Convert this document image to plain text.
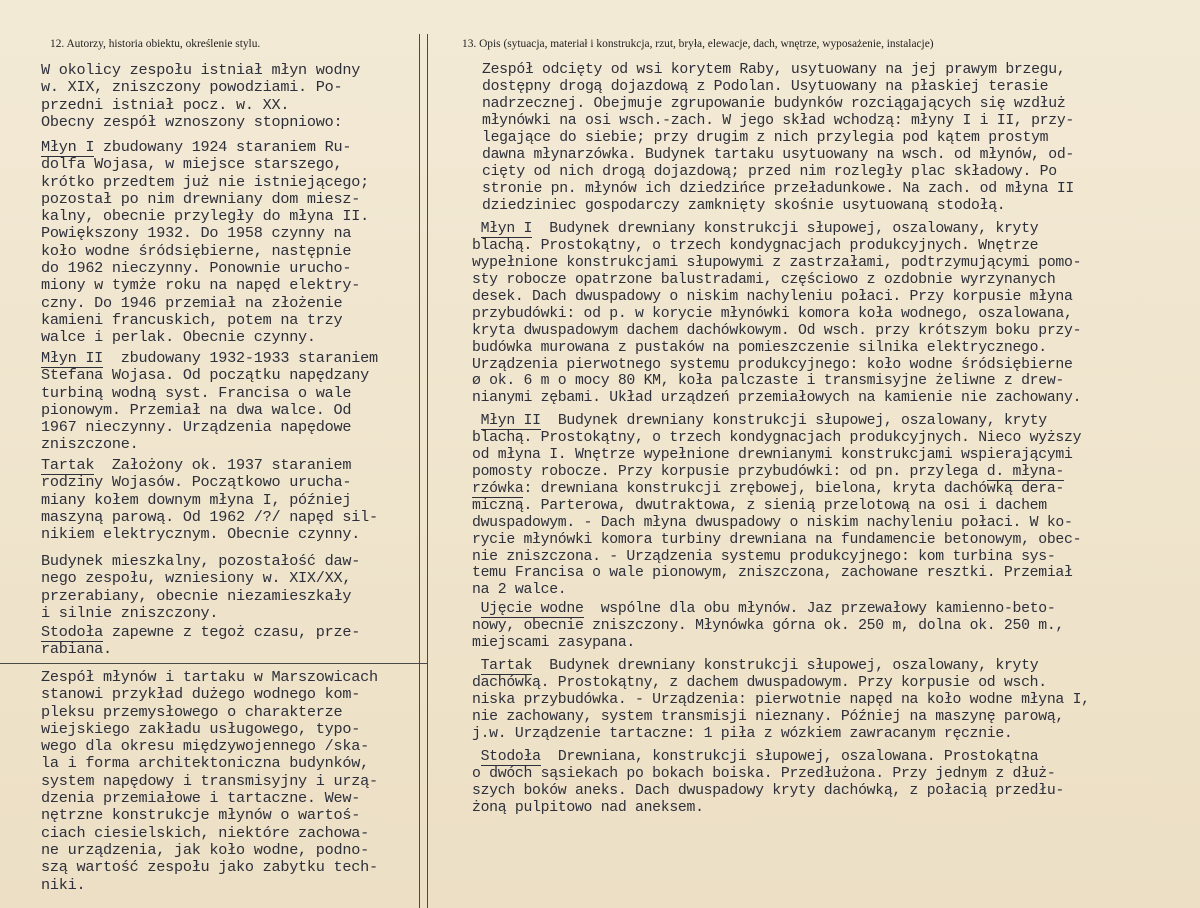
12. Autorzy, historia obiektu, określenie stylu.	13. Opis (sytuacja, materiał i konstrukcja, rzut, bryła, elewacje, dach, wnętrze, wyposażenie, instalacje)
W okolicy zespołu istniał młyn wodny
w. XIX, zniszczony powodziami. Po-
przedni istniał pocz. w. XX.
Obecny zespół wznoszony stopniowo:
Młyn I zbudowany 1924 staraniem Ru-
dolfa Wojasa, w miejsce starszego,
krótko przedtem już nie istniejącego;
pozostał po nim drewniany dom miesz-
kalny, obecnie przyległy do młyna II.
Powiększony 1932. Do 1958 czynny na
koło wodne śródsiębierne, następnie
do 1962 nieczynny. Ponownie urucho-
miony w tymże roku na napęd elektry-
czny. Do 1946 przemiał na złożenie
kamieni francuskich, potem na trzy
walce i perlak. Obecnie czynny.
Młyn II  zbudowany 1932-1933 staraniem
Stefana Wojasa. Od początku napędzany
turbiną wodną syst. Francisa o wale
pionowym. Przemiał na dwa walce. Od
1967 nieczynny. Urządzenia napędowe
zniszczone.
Tartak  Założony ok. 1937 staraniem
rodziny Wojasów. Początkowo urucha-
miany kołem downym młyna I, później
maszyną parową. Od 1962 /?/ napęd sil-
nikiem elektrycznym. Obecnie czynny.
Budynek mieszkalny, pozostałość daw-
nego zespołu, wzniesiony w. XIX/XX,
przerabiany, obecnie niezamieszkały
i silnie zniszczony.
Stodoła zapewne z tegoż czasu, prze-
rabiana.
Zespół młynów i tartaku w Marszowicach
stanowi przykład dużego wodnego kom-
pleksu przemysłowego o charakterze
wiejskiego zakładu usługowego, typo-
wego dla okresu międzywojennego /ska-
la i forma architektoniczna budynków,
system napędowy i transmisyjny i urzą-
dzenia przemiałowe i tartaczne. Wew-
nętrzne konstrukcje młynów o wartoś-
ciach ciesielskich, niektóre zachowa-
ne urządzenia, jak koło wodne, podno-
szą wartość zespołu jako zabytku tech-
niki.
Zespół odcięty od wsi korytem Raby, usytuowany na jej prawym brzegu,
dostępny drogą dojazdową z Podolan. Usytuowany na płaskiej terasie
nadrzecznej. Obejmuje zgrupowanie budynków rozciągających się wzdłuż
młynówki na osi wsch.-zach. W jego skład wchodzą: młyny I i II, przy-
legające do siebie; przy drugim z nich przylegia pod kątem prostym
dawna młynarzówka. Budynek tartaku usytuowany na wsch. od młynów, od-
cięty od nich drogą dojazdową; przed nim rozległy plac składowy. Po
stronie pn. młynów ich dziedzińce przeładunkowe. Na zach. od młyna II
dziedziniec gospodarczy zamknięty skośnie usytuowaną stodołą.
Młyn I  Budynek drewniany konstrukcji słupowej, oszalowany, kryty
blachą. Prostokątny, o trzech kondygnacjach produkcyjnych. Wnętrze
wypełnione konstrukcjami słupowymi z zastrzałami, podtrzymującymi pomo-
sty robocze opatrzone balustradami, częściowo z ozdobnie wyrzynanych
desek. Dach dwuspadowy o niskim nachyleniu połaci. Przy korpusie młyna
przybudówki: od p. w korycie młynówki komora koła wodnego, oszalowana,
kryta dwuspadowym dachem dachówkowym. Od wsch. przy krótszym boku przy-
budówka murowana z pustaków na pomieszczenie silnika elektrycznego.
Urządzenia pierwotnego systemu produkcyjnego: koło wodne śródsiębierne
ø ok. 6 m o mocy 80 KM, koła palczaste i transmisyjne żeliwne z drew-
nianymi zębami. Układ urządzeń przemiałowych na kamienie nie zachowany.
Młyn II  Budynek drewniany konstrukcji słupowej, oszalowany, kryty
blachą. Prostokątny, o trzech kondygnacjach produkcyjnych. Nieco wyższy
od młyna I. Wnętrze wypełnione drewnianymi konstrukcjami wspierającymi
pomosty robocze. Przy korpusie przybudówki: od pn. przylega d. młyna-
rzówka: drewniana konstrukcji zrębowej, bielona, kryta dachówką dera-
miczną. Parterowa, dwutraktowa, z sienią przelotową na osi i dachem
dwuspadowym. - Dach młyna dwuspadowy o niskim nachyleniu połaci. W ko-
rycie młynówki komora turbiny drewniana na fundamencie betonowym, obec-
nie zniszczona. - Urządzenia systemu produkcyjnego: kom turbina sys-
temu Francisa o wale pionowym, zniszczona, zachowane resztki. Przemiał
na 2 walce.
Ujęcie wodne  wspólne dla obu młynów. Jaz przewałowy kamienno-beto-
nowy, obecnie zniszczony. Młynówka górna ok. 250 m, dolna ok. 250 m.,
miejscami zasypana.
Tartak  Budynek drewniany konstrukcji słupowej, oszalowany, kryty
dachówką. Prostokątny, z dachem dwuspadowym. Przy korpusie od wsch.
niska przybudówka. - Urządzenia: pierwotnie napęd na koło wodne młyna I,
nie zachowany, system transmisji nieznany. Później na maszynę parową,
j.w. Urządzenie tartaczne: 1 piła z wózkiem zawracanym ręcznie.
Stodoła  Drewniana, konstrukcji słupowej, oszalowana. Prostokątna
o dwóch sąsiekach po bokach boiska. Przedłużona. Przy jednym z dłuż-
szych boków aneks. Dach dwuspadowy kryty dachówką, z połacią przedłu-
żoną pulpitowo nad aneksem.
